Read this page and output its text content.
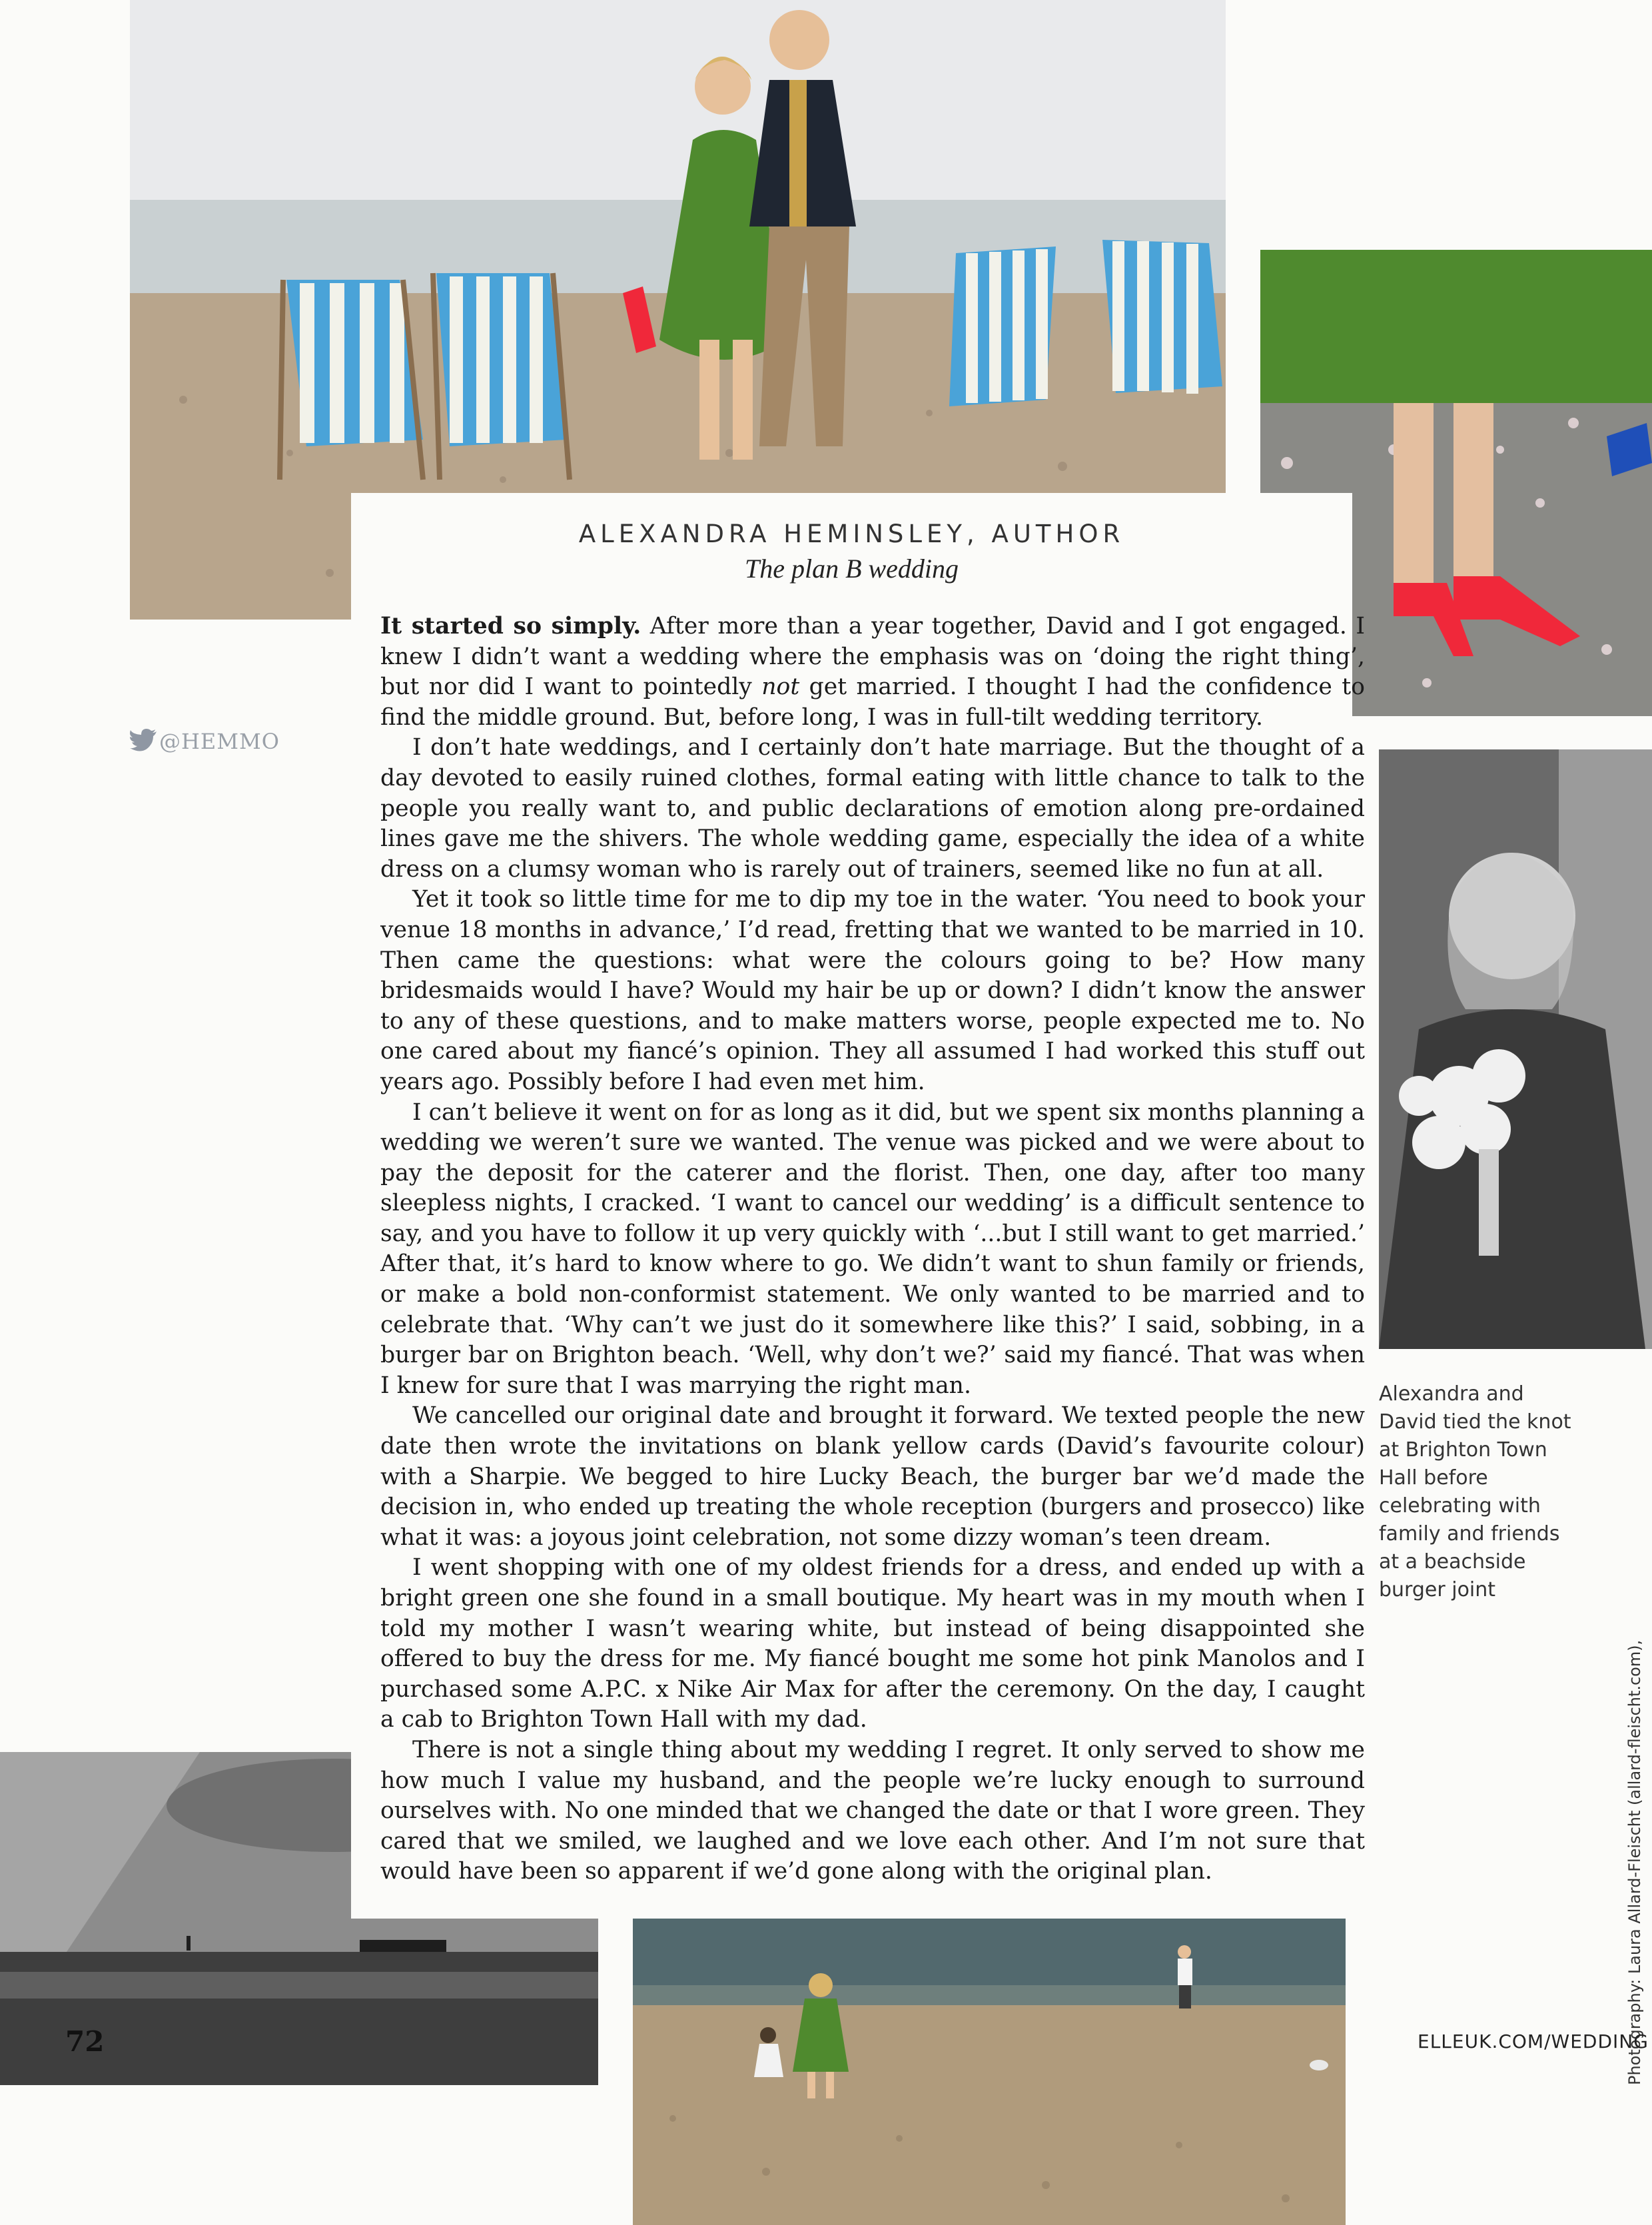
ALEXANDRA HEMINSLEY, AUTHOR
The plan B wedding

It started so simply. After more than a year together, David and I got engaged. I knew I didn’t want a wedding where the emphasis was on ‘doing the right thing’, but nor did I want to pointedly not get married. I thought I had the confidence to find the middle ground. But, before long, I was in full-tilt wedding territory.

I don’t hate weddings, and I certainly don’t hate marriage. But the thought of a day devoted to easily ruined clothes, formal eating with little chance to talk to the people you really want to, and public declarations of emotion along pre-ordained lines gave me the shivers. The whole wedding game, especially the idea of a white dress on a clumsy woman who is rarely out of trainers, seemed like no fun at all.

Yet it took so little time for me to dip my toe in the water. ‘You need to book your venue 18 months in advance,’ I’d read, fretting that we wanted to be married in 10. Then came the questions: what were the colours going to be? How many bridesmaids would I have? Would my hair be up or down? I didn’t know the answer to any of these questions, and to make matters worse, people expected me to. No one cared about my fiancé’s opinion. They all assumed I had worked this stuff out years ago. Possibly before I had even met him.

I can’t believe it went on for as long as it did, but we spent six months planning a wedding we weren’t sure we wanted. The venue was picked and we were about to pay the deposit for the caterer and the florist. Then, one day, after too many sleepless nights, I cracked. ‘I want to cancel our wedding’ is a difficult sentence to say, and you have to follow it up very quickly with ‘...but I still want to get married.’ After that, it’s hard to know where to go. We didn’t want to shun family or friends, or make a bold non-conformist statement. We only wanted to be married and to celebrate that. ‘Why can’t we just do it somewhere like this?’ I said, sobbing, in a burger bar on Brighton beach. ‘Well, why don’t we?’ said my fiancé. That was when I knew for sure that I was marrying the right man.

We cancelled our original date and brought it forward. We texted people the new date then wrote the invitations on blank yellow cards (David’s favourite colour) with a Sharpie. We begged to hire Lucky Beach, the burger bar we’d made the decision in, who ended up treating the whole reception (burgers and prosecco) like what it was: a joyous joint celebration, not some dizzy woman’s teen dream.

I went shopping with one of my oldest friends for a dress, and ended up with a bright green one she found in a small boutique. My heart was in my mouth when I told my mother I wasn’t wearing white, but instead of being disappointed she offered to buy the dress for me. My fiancé bought me some hot pink Manolos and I purchased some A.P.C. x Nike Air Max for after the ceremony. On the day, I caught a cab to Brighton Town Hall with my dad.

There is not a single thing about my wedding I regret. It only served to show me how much I value my husband, and the people we’re lucky enough to surround ourselves with. No one minded that we changed the date or that I wore green. They cared that we smiled, we laughed and we love each other. And I’m not sure that would have been so apparent if we’d gone along with the original plan.

@HEMMO
Alexandra and David tied the knot at Brighton Town Hall before celebrating with family and friends at a beachside burger joint
Photography: Laura Allard-Fleischt (allard-fleischt.com),
72	ELLEUK.COM/WEDDING
